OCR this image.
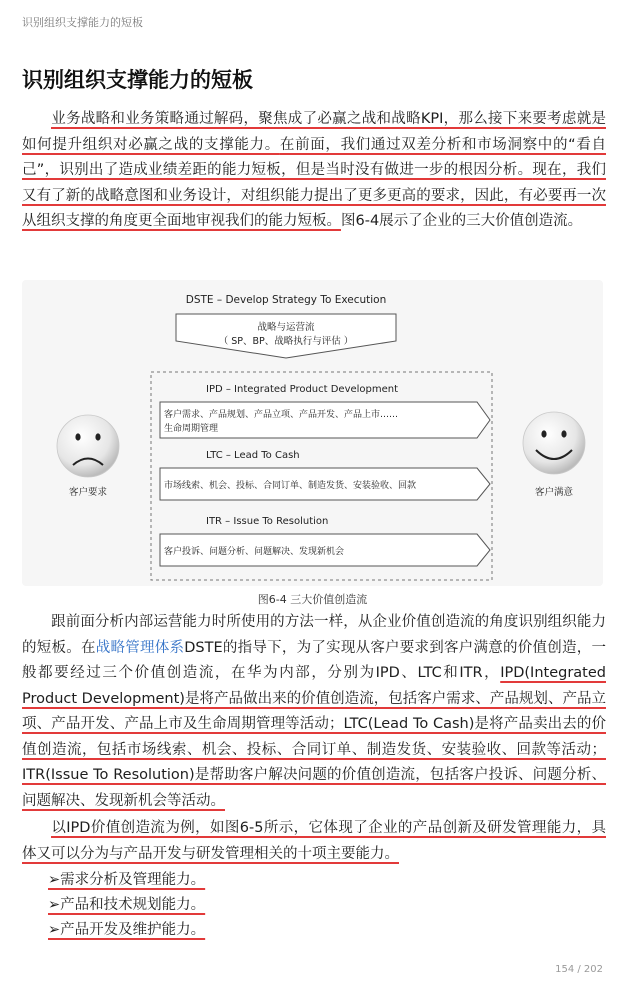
识别组织支撑能力的短板
识别组织支撑能力的短板

  业务战略和业务策略通过解码，聚焦成了必赢之战和战略KPI，那么接下来要考虑就是如何提升组织对必赢之战的支撑能力。在前面，我们通过双差分析和市场洞察中的“看自己”，识别出了造成业绩差距的能力短板，但是当时没有做进一步的根因分析。现在，我们又有了新的战略意图和业务设计，对组织能力提出了更多更高的要求，因此，有必要再一次从组织支撑的角度更全面地审视我们的能力短板。图6-4展示了企业的三大价值创造流。

DSTE – Develop Strategy To Execution
战略与运营流
（ SP、BP、战略执行与评估 ）
IPD – Integrated Product Development
客户需求、产品规划、产品立项、产品开发、产品上市……
生命周期管理
LTC – Lead To Cash
市场线索、机会、投标、合同订单、制造发货、安装验收、回款
ITR – Issue To Resolution
客户投诉、问题分析、问题解决、发现新机会
客户要求	客户满意
图6-4 三大价值创造流

  跟前面分析内部运营能力时所使用的方法一样，从企业价值创造流的角度识别组织能力的短板。在战略管理体系DSTE的指导下，为了实现从客户要求到客户满意的价值创造，一般都要经过三个价值创造流，在华为内部，分别为IPD、LTC和ITR，IPD(Integrated Product Development)是将产品做出来的价值创造流，包括客户需求、产品规划、产品立项、产品开发、产品上市及生命周期管理等活动；LTC(Lead To Cash)是将产品卖出去的价值创造流，包括市场线索、机会、投标、合同订单、制造发货、安装验收、回款等活动；ITR(Issue To Resolution)是帮助客户解决问题的价值创造流，包括客户投诉、问题分析、问题解决、发现新机会等活动。

  以IPD价值创造流为例，如图6-5所示，它体现了企业的产品创新及研发管理能力，具体又可以分为与产品开发与研发管理相关的十项主要能力。

➢需求分析及管理能力。
➢产品和技术规划能力。
➢产品开发及维护能力。
154 / 202
